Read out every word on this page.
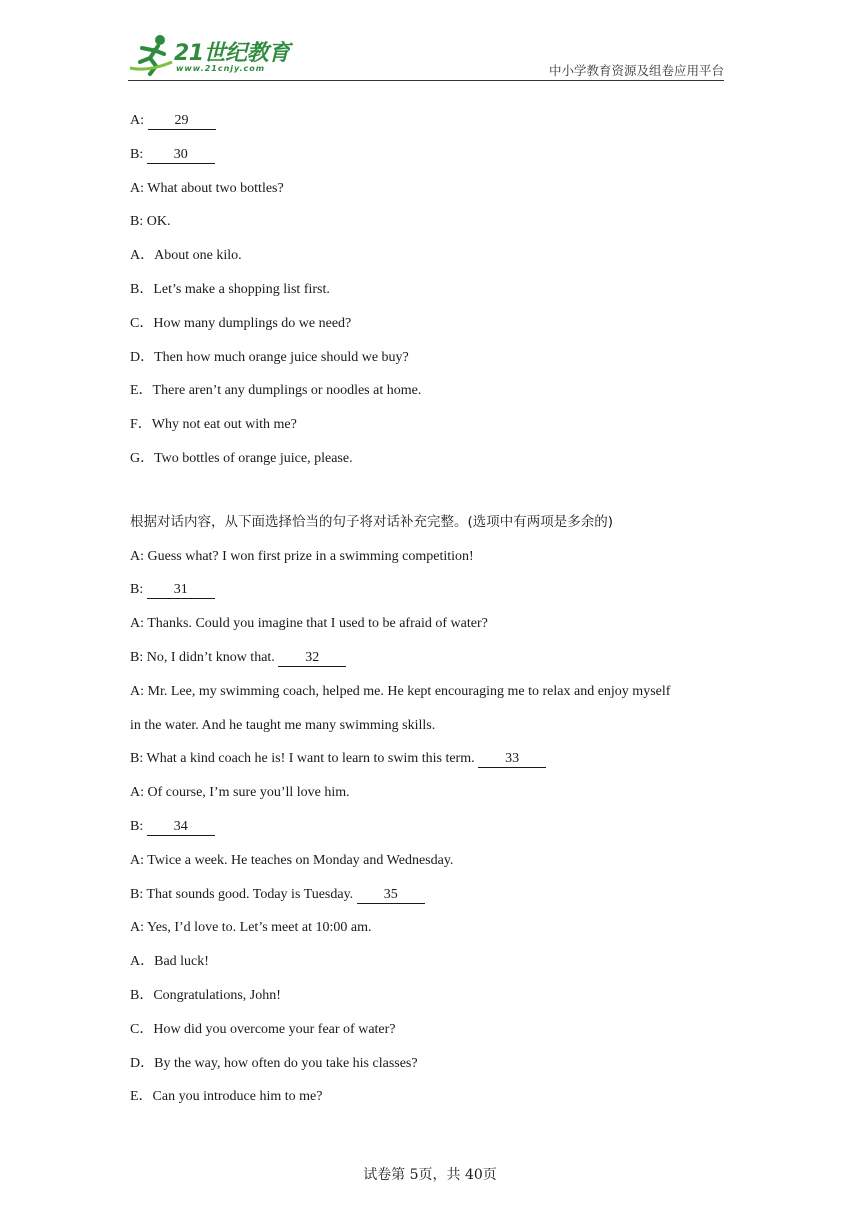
21世纪教育
www.21cnjy.com	中小学教育资源及组卷应用平台
A: 29
B: 30
A: What about two bottles?
B: OK.
A．About one kilo.
B．Let’s make a shopping list first.
C．How many dumplings do we need?
D．Then how much orange juice should we buy?
E．There aren’t any dumplings or noodles at home.
F．Why not eat out with me?
G．Two bottles of orange juice, please.
根据对话内容，从下面选择恰当的句子将对话补充完整。(选项中有两项是多余的)
A: Guess what? I won first prize in a swimming competition!
B: 31
A: Thanks. Could you imagine that I used to be afraid of water?
B: No, I didn’t know that. 32
A: Mr. Lee, my swimming coach, helped me. He kept encouraging me to relax and enjoy myself
in the water. And he taught me many swimming skills.
B: What a kind coach he is! I want to learn to swim this term. 33
A: Of course, I’m sure you’ll love him.
B: 34
A: Twice a week. He teaches on Monday and Wednesday.
B: That sounds good. Today is Tuesday. 35
A: Yes, I’d love to. Let’s meet at 10:00 am.
A．Bad luck!
B．Congratulations, John!
C．How did you overcome your fear of water?
D．By the way, how often do you take his classes?
E．Can you introduce him to me?
试卷第 5页，共 40页
